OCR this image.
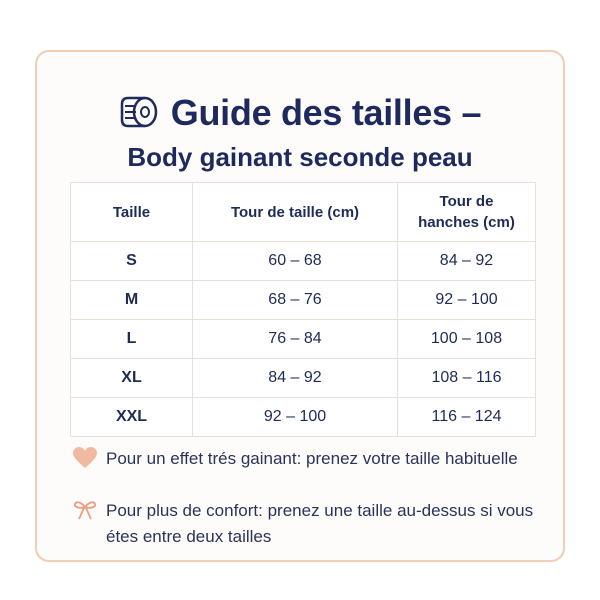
Guide des tailles –
Body gainant seconde peau
Taille	Tour de taille (cm)	Tour de
hanches (cm)
S	60 – 68	84 – 92
M	68 – 76	92 – 100
L	76 – 84	100 – 108
XL	84 – 92	108 – 116
XXL	92 – 100	116 – 124
Pour un effet trés gainant: prenez votre taille habituelle
Pour plus de confort: prenez une taille au-dessus si vous étes entre deux tailles
